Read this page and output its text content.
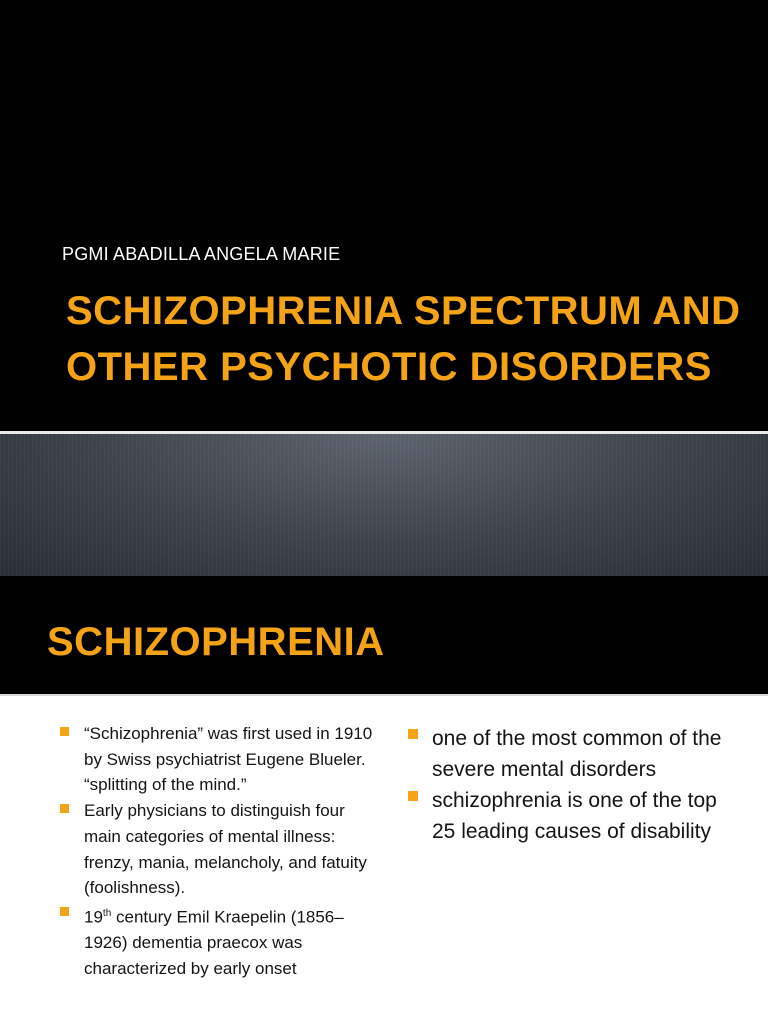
PGMI ABADILLA ANGELA MARIE
SCHIZOPHRENIA SPECTRUM AND OTHER PSYCHOTIC DISORDERS
SCHIZOPHRENIA
“Schizophrenia” was first used in 1910 by Swiss psychiatrist Eugene Blueler. “splitting of the mind.”
Early physicians to distinguish four main categories of mental illness: frenzy, mania, melancholy, and fatuity (foolishness).
19th century Emil Kraepelin (1856–1926) dementia praecox was characterized by early onset
one of the most common of the severe mental disorders
schizophrenia is one of the top 25 leading causes of disability
